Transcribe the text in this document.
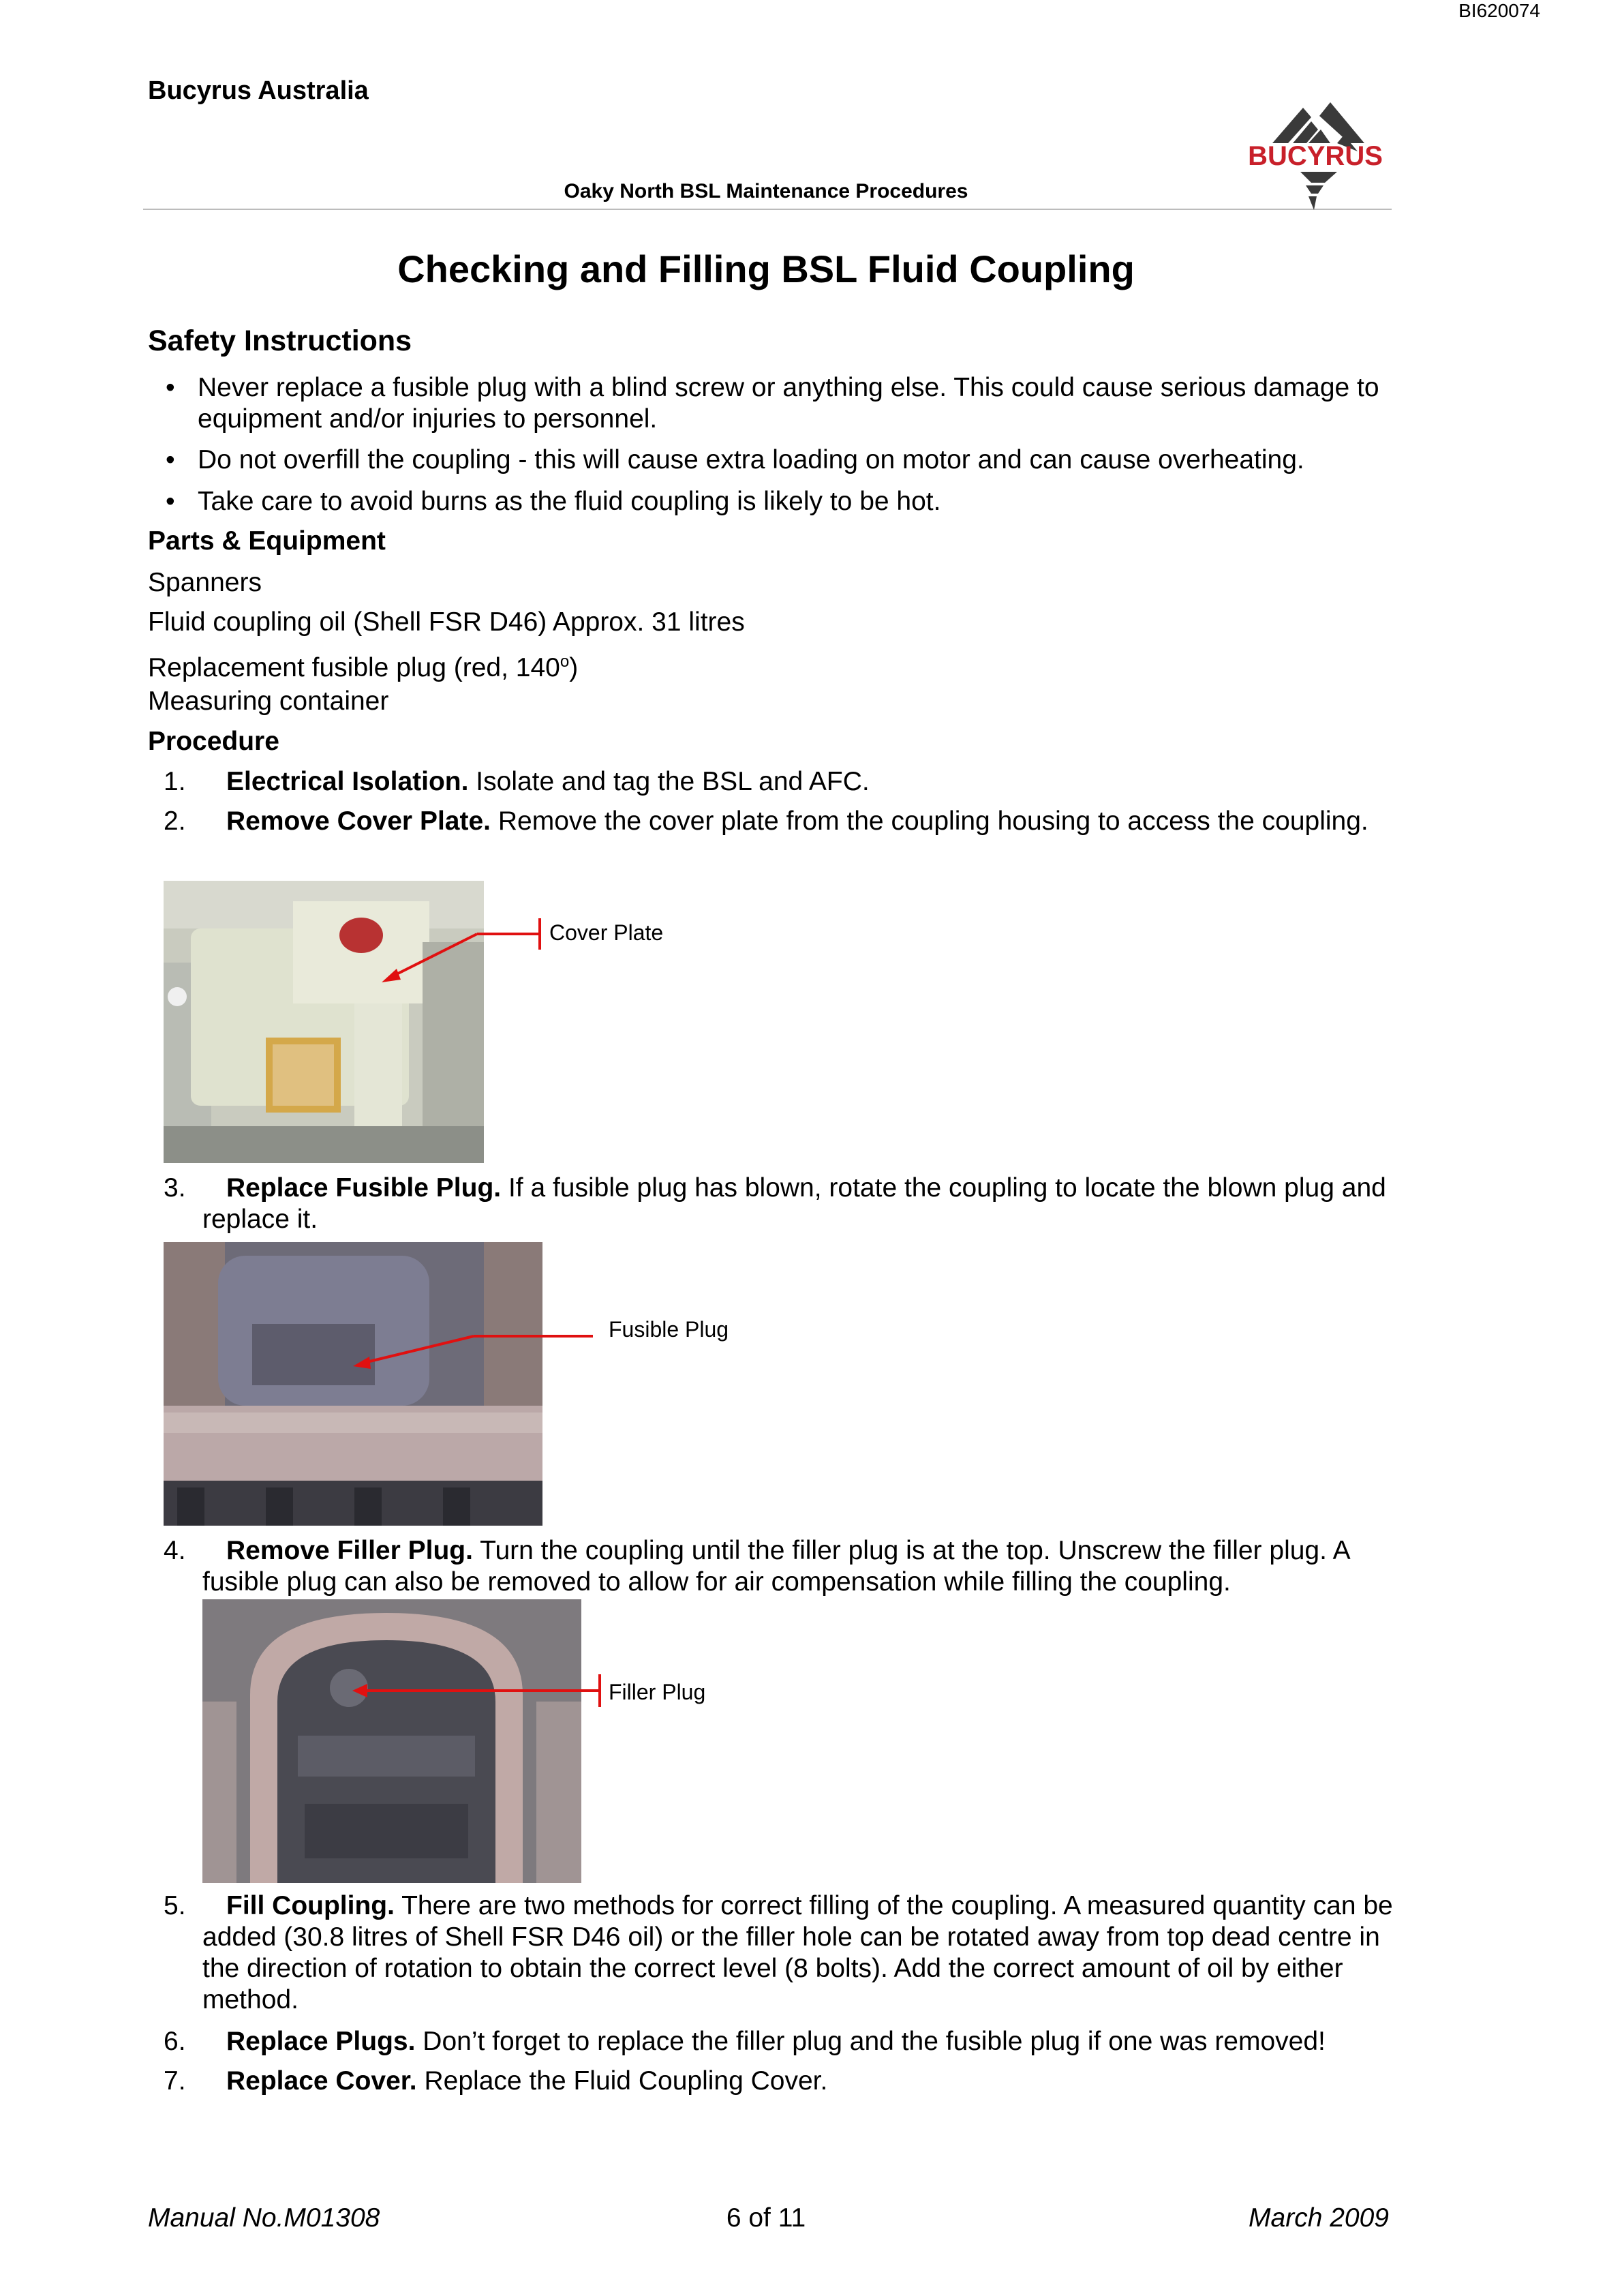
BI620074
Bucyrus Australia
Oaky North BSL Maintenance Procedures
BUCYRUS
Checking and Filling BSL Fluid Coupling
Safety Instructions
• Never replace a fusible plug with a blind screw or anything else. This could cause serious damage to equipment and/or injuries to personnel.
• Do not overfill the coupling - this will cause extra loading on motor and can cause overheating.
• Take care to avoid burns as the fluid coupling is likely to be hot.
Parts & Equipment
Spanners
Fluid coupling oil (Shell FSR D46) Approx. 31 litres
Replacement fusible plug (red, 140$^o$)
Measuring container
Procedure
1. Electrical Isolation. Isolate and tag the BSL and AFC.
2.	Remove Cover Plate. Remove the cover plate from the coupling housing to access the coupling.
Cover Plate
3.	Replace Fusible Plug. If a fusible plug has blown, rotate the coupling to locate the blown plug and replace it.
Fusible Plug
4.	Remove Filler Plug. Turn the coupling until the filler plug is at the top. Unscrew the filler plug. A fusible plug can also be removed to allow for air compensation while filling the coupling.
Filler Plug
5.	Fill Coupling. There are two methods for correct filling of the coupling. A measured quantity can be added (30.8 litres of Shell FSR D46 oil) or the filler hole can be rotated away from top dead centre in the direction of rotation to obtain the correct level (8 bolts). Add the correct amount of oil by either method.
6. Replace Plugs. Don’t forget to replace the filler plug and the fusible plug if one was removed!
7. Replace Cover. Replace the Fluid Coupling Cover.
Manual No.M01308	6 of 11	March 2009
